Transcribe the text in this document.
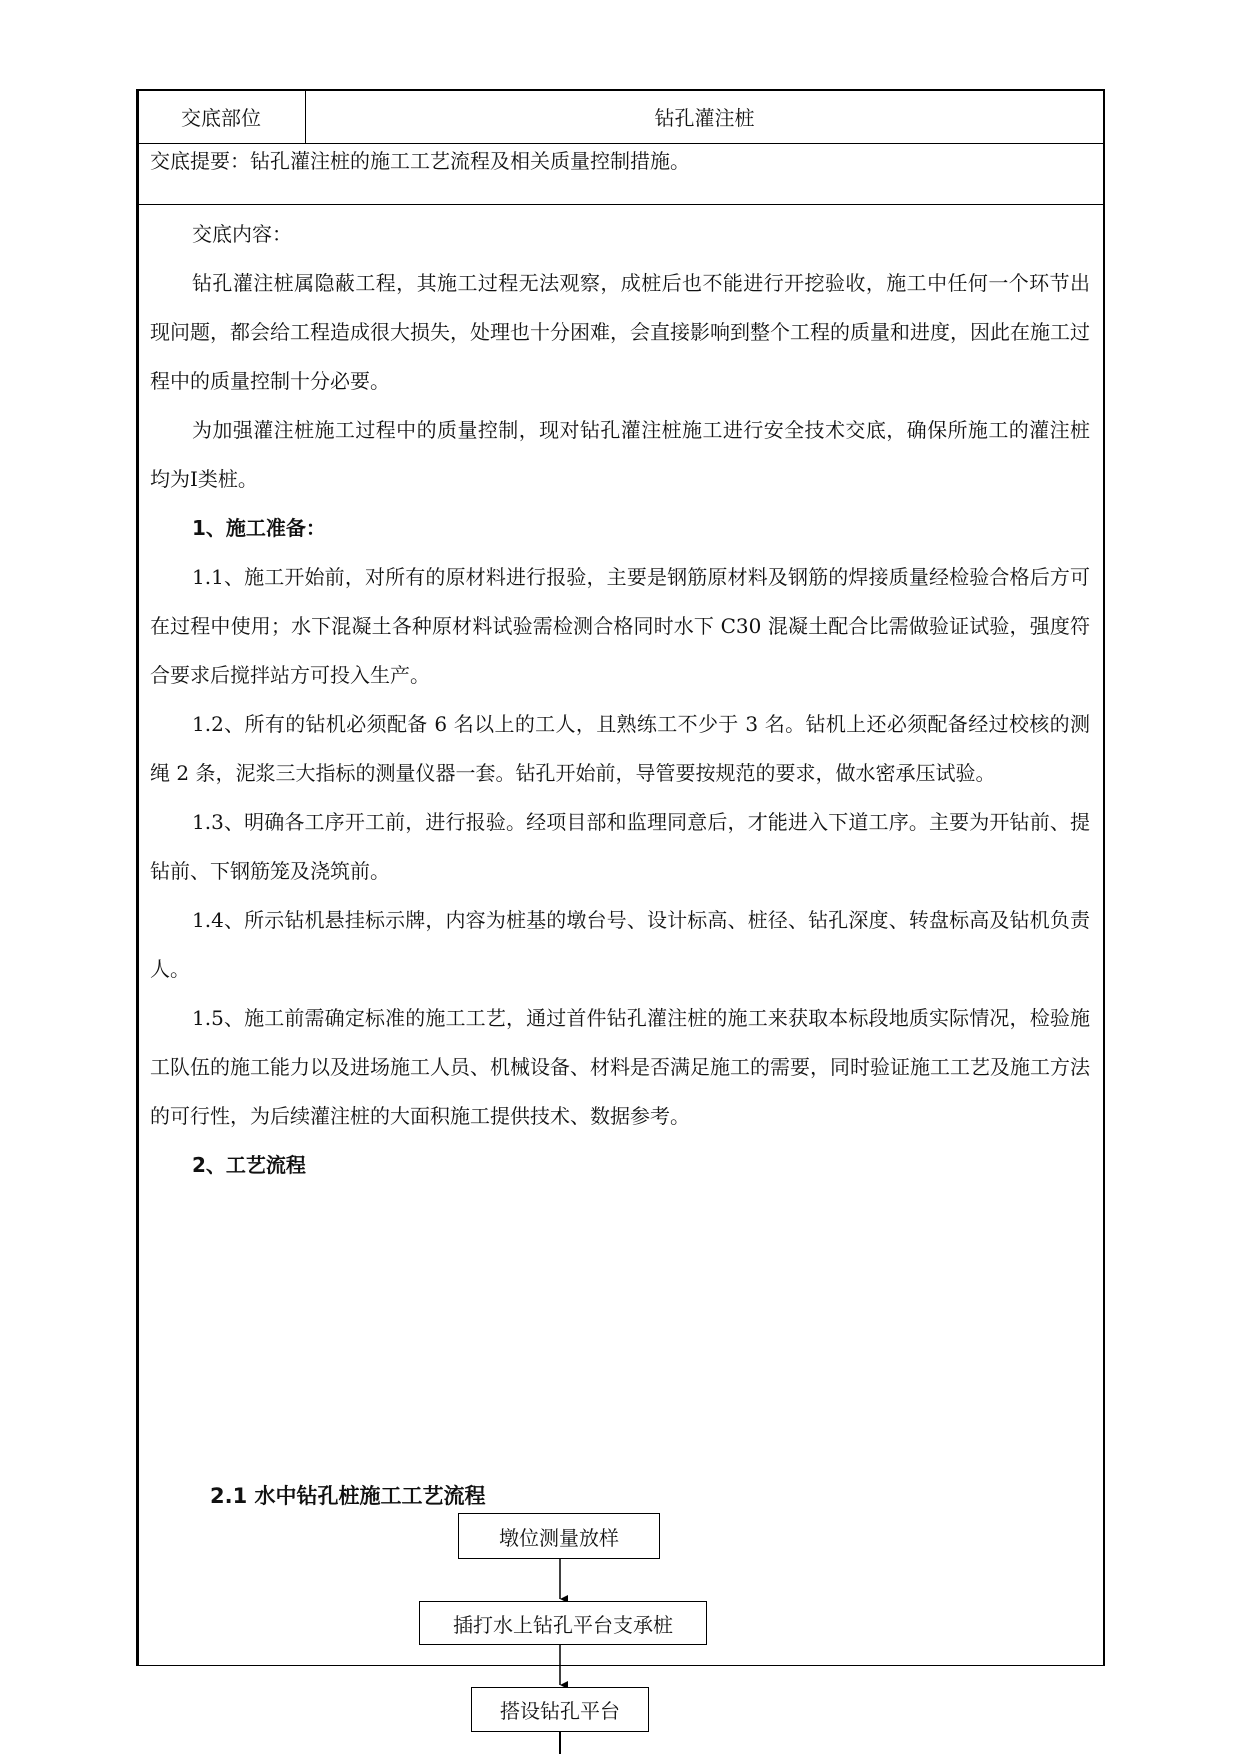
交底部位	钻孔灌注桩
交底提要：钻孔灌注桩的施工工艺流程及相关质量控制措施。

交底内容：

钻孔灌注桩属隐蔽工程，其施工过程无法观察，成桩后也不能进行开挖验收，施工中任何一个环节出现问题，都会给工程造成很大损失，处理也十分困难，会直接影响到整个工程的质量和进度，因此在施工过程中的质量控制十分必要。

为加强灌注桩施工过程中的质量控制，现对钻孔灌注桩施工进行安全技术交底，确保所施工的灌注桩均为Ⅰ类桩。

1、施工准备：

1.1、施工开始前，对所有的原材料进行报验，主要是钢筋原材料及钢筋的焊接质量经检验合格后方可在过程中使用；水下混凝土各种原材料试验需检测合格同时水下 C30 混凝土配合比需做验证试验，强度符合要求后搅拌站方可投入生产。

1.2、所有的钻机必须配备 6 名以上的工人，且熟练工不少于 3 名。钻机上还必须配备经过校核的测绳 2 条，泥浆三大指标的测量仪器一套。钻孔开始前，导管要按规范的要求，做水密承压试验。

1.3、明确各工序开工前，进行报验。经项目部和监理同意后，才能进入下道工序。主要为开钻前、提钻前、下钢筋笼及浇筑前。

1.4、所示钻机悬挂标示牌，内容为桩基的墩台号、设计标高、桩径、钻孔深度、转盘标高及钻机负责人。

1.5、施工前需确定标准的施工工艺，通过首件钻孔灌注桩的施工来获取本标段地质实际情况，检验施工队伍的施工能力以及进场施工人员、机械设备、材料是否满足施工的需要，同时验证施工工艺及施工方法的可行性，为后续灌注桩的大面积施工提供技术、数据参考。

2、工艺流程

2.1 水中钻孔桩施工工艺流程
墩位测量放样
插打水上钻孔平台支承桩
搭设钻孔平台
